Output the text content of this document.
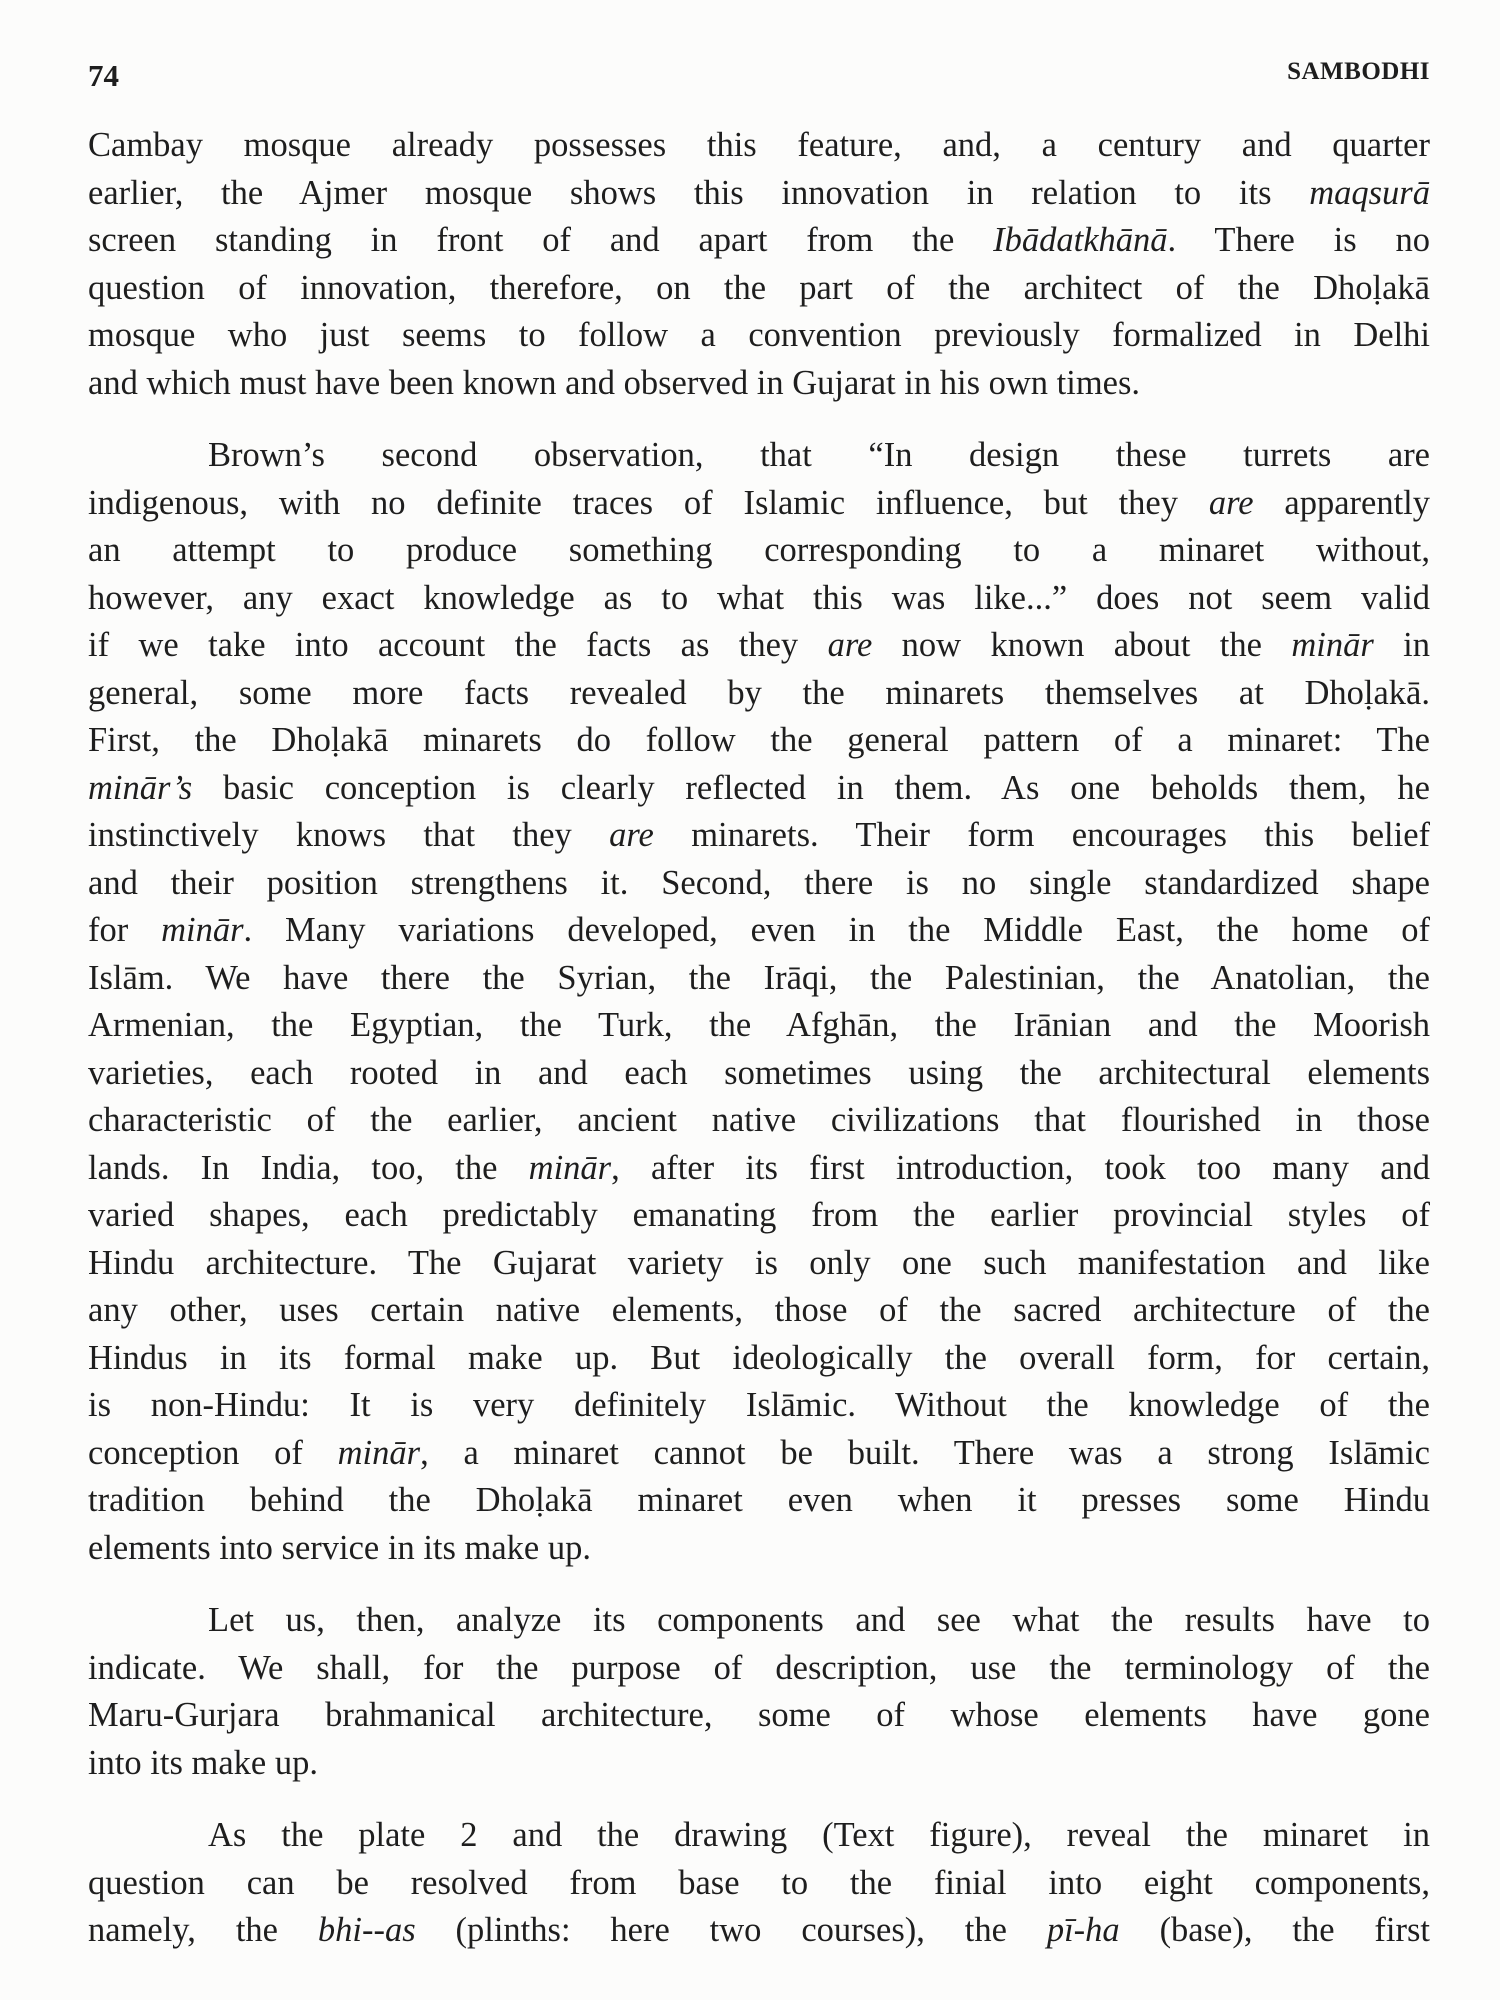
74	SAMBODHI

Cambay mosque already possesses this feature, and, a century and quarter
earlier, the Ajmer mosque shows this innovation in relation to its maqsurā
screen standing in front of and apart from the Ibādatkhānā. There is no
question of innovation, therefore, on the part of the architect of the Dhoḷakā
mosque who just seems to follow a convention previously formalized in Delhi
and which must have been known and observed in Gujarat in his own times.

Brown’s second observation, that “In design these turrets are
indigenous, with no definite traces of Islamic influence, but they are apparently
an attempt to produce something corresponding to a minaret without,
however, any exact knowledge as to what this was like...” does not seem valid
if we take into account the facts as they are now known about the minār in
general, some more facts revealed by the minarets themselves at Dhoḷakā.
First, the Dhoḷakā minarets do follow the general pattern of a minaret: The
minār’s basic conception is clearly reflected in them. As one beholds them, he
instinctively knows that they are minarets. Their form encourages this belief
and their position strengthens it. Second, there is no single standardized shape
for minār. Many variations developed, even in the Middle East, the home of
Islām. We have there the Syrian, the Irāqi, the Palestinian, the Anatolian, the
Armenian, the Egyptian, the Turk, the Afghān, the Irānian and the Moorish
varieties, each rooted in and each sometimes using the architectural elements
characteristic of the earlier, ancient native civilizations that flourished in those
lands. In India, too, the minār, after its first introduction, took too many and
varied shapes, each predictably emanating from the earlier provincial styles of
Hindu architecture. The Gujarat variety is only one such manifestation and like
any other, uses certain native elements, those of the sacred architecture of the
Hindus in its formal make up. But ideologically the overall form, for certain,
is non-Hindu: It is very definitely Islāmic. Without the knowledge of the
conception of minār, a minaret cannot be built. There was a strong Islāmic
tradition behind the Dhoḷakā minaret even when it presses some Hindu
elements into service in its make up.

Let us, then, analyze its components and see what the results have to
indicate. We shall, for the purpose of description, use the terminology of the
Maru-Gurjara brahmanical architecture, some of whose elements have gone
into its make up.

As the plate 2 and the drawing (Text figure), reveal the minaret in
question can be resolved from base to the finial into eight components,
namely, the bhi--as (plinths: here two courses), the pī-ha (base), the first
